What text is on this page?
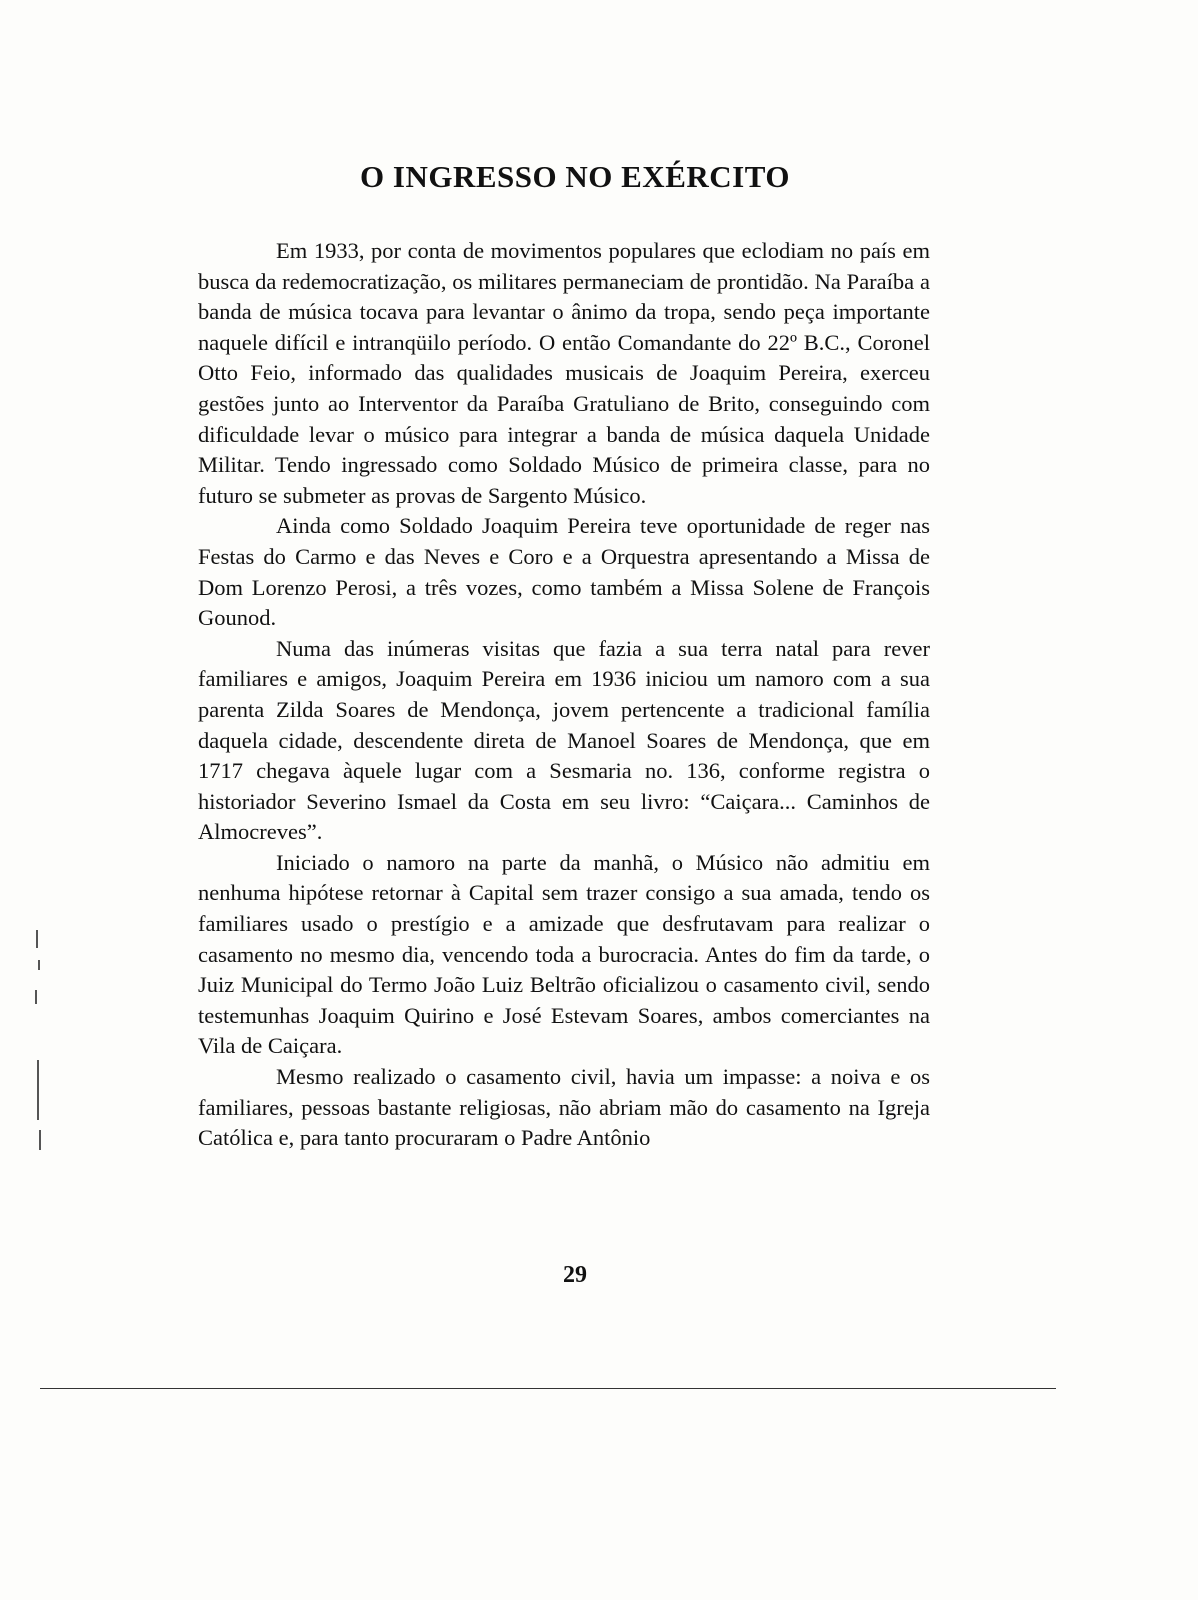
O INGRESSO NO EXÉRCITO

Em 1933, por conta de movimentos populares que eclodiam no país em busca da redemocratização, os militares permaneciam de prontidão. Na Paraíba a banda de música tocava para levantar o ânimo da tropa, sendo peça importante naquele difícil e intranqüilo período. O então Comandante do 22º B.C., Coronel Otto Feio, informado das qualidades musicais de Joaquim Pereira, exerceu gestões junto ao Interventor da Paraíba Gratuliano de Brito, conseguindo com dificuldade levar o músico para integrar a banda de música daquela Unidade Militar. Tendo ingressado como Soldado Músico de primeira classe, para no futuro se submeter as provas de Sargento Músico.

Ainda como Soldado Joaquim Pereira teve oportunidade de reger nas Festas do Carmo e das Neves e Coro e a Orquestra apresentando a Missa de Dom Lorenzo Perosi, a três vozes, como também a Missa Solene de François Gounod.

Numa das inúmeras visitas que fazia a sua terra natal para rever familiares e amigos, Joaquim Pereira em 1936 iniciou um namoro com a sua parenta Zilda Soares de Mendonça, jovem pertencente a tradicional família daquela cidade, descendente direta de Manoel Soares de Mendonça, que em 1717 chegava àquele lugar com a Sesmaria no. 136, conforme registra o historiador Severino Ismael da Costa em seu livro: “Caiçara... Caminhos de Almocreves”.

Iniciado o namoro na parte da manhã, o Músico não admitiu em nenhuma hipótese retornar à Capital sem trazer consigo a sua amada, tendo os familiares usado o prestígio e a amizade que desfrutavam para realizar o casamento no mesmo dia, vencendo toda a burocracia. Antes do fim da tarde, o Juiz Municipal do Termo João Luiz Beltrão oficializou o casamento civil, sendo testemunhas Joaquim Quirino e José Estevam Soares, ambos comerciantes na Vila de Caiçara.

Mesmo realizado o casamento civil, havia um impasse: a noiva e os familiares, pessoas bastante religiosas, não abriam mão do casamento na Igreja Católica e, para tanto procuraram o Padre Antônio

29
